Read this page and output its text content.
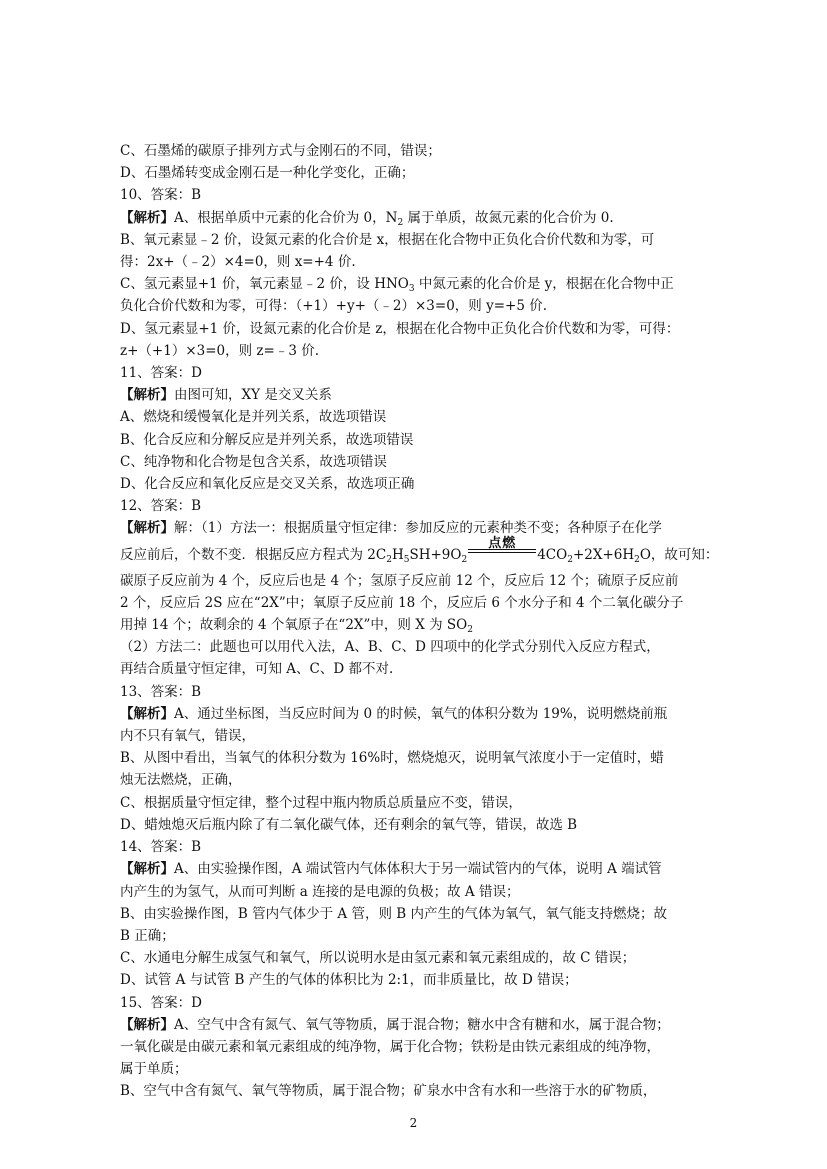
C、石墨烯的碳原子排列方式与金刚石的不同，错误；

D、石墨烯转变成金刚石是一种化学变化，正确；

10、答案：B

【解析】A、根据单质中元素的化合价为 0，$N_2$ 属于单质，故氮元素的化合价为 0.

B、氧元素显﹣2 价，设氮元素的化合价是 x，根据在化合物中正负化合价代数和为零，可

得：2x+（﹣2）×4=0，则 x=+4 价.

C、氢元素显+1 价，氧元素显﹣2 价，设 $HNO_3$ 中氮元素的化合价是 y，根据在化合物中正

负化合价代数和为零，可得：（+1）+y+（﹣2）×3=0，则 y=+5 价.

D、氢元素显+1 价，设氮元素的化合价是 z，根据在化合物中正负化合价代数和为零，可得：

z+（+1）×3=0，则 z=﹣3 价.

11、答案：D

【解析】由图可知，XY 是交叉关系

A、燃烧和缓慢氧化是并列关系，故选项错误

B、化合反应和分解反应是并列关系，故选项错误

C、纯净物和化合物是包含关系，故选项错误

D、化合反应和氧化反应是交叉关系，故选项正确

12、答案：B

【解析】解：（1）方法一：根据质量守恒定律：参加反应的元素种类不变；各种原子在化学

反应前后，个数不变．根据反应方程式为 $2C_2H_5SH+9O_2$
点燃
$4CO_2+2X+6H_2O$，故可知：

碳原子反应前为 4 个，反应后也是 4 个；氢原子反应前 12 个，反应后 12 个；硫原子反应前

2 个，反应后 2S 应在“2X”中；氧原子反应前 18 个，反应后 6 个水分子和 4 个二氧化碳分子

用掉 14 个；故剩余的 4 个氧原子在“2X”中，则 X 为 $SO_2$

（2）方法二：此题也可以用代入法，A、B、C、D 四项中的化学式分别代入反应方程式，

再结合质量守恒定律，可知 A、C、D 都不对.

13、答案：B

【解析】A、通过坐标图，当反应时间为 0 的时候，氧气的体积分数为 19%，说明燃烧前瓶

内不只有氧气，错误，

B、从图中看出，当氧气的体积分数为 16%时，燃烧熄灭，说明氧气浓度小于一定值时，蜡

烛无法燃烧，正确，

C、根据质量守恒定律，整个过程中瓶内物质总质量应不变，错误，

D、蜡烛熄灭后瓶内除了有二氧化碳气体，还有剩余的氧气等，错误，故选 B

14、答案：B

【解析】A、由实验操作图，A 端试管内气体体积大于另一端试管内的气体，说明 A 端试管

内产生的为氢气，从而可判断 a 连接的是电源的负极；故 A 错误；

B、由实验操作图，B 管内气体少于 A 管，则 B 内产生的气体为氧气，氧气能支持燃烧；故

B 正确；

C、水通电分解生成氢气和氧气，所以说明水是由氢元素和氧元素组成的，故 C 错误；

D、试管 A 与试管 B 产生的气体的体积比为 2:1，而非质量比，故 D 错误；

15、答案：D

【解析】A、空气中含有氮气、氧气等物质，属于混合物；糖水中含有糖和水，属于混合物；

一氧化碳是由碳元素和氧元素组成的纯净物，属于化合物；铁粉是由铁元素组成的纯净物，

属于单质；

B、空气中含有氮气、氧气等物质，属于混合物；矿泉水中含有水和一些溶于水的矿物质，

2
